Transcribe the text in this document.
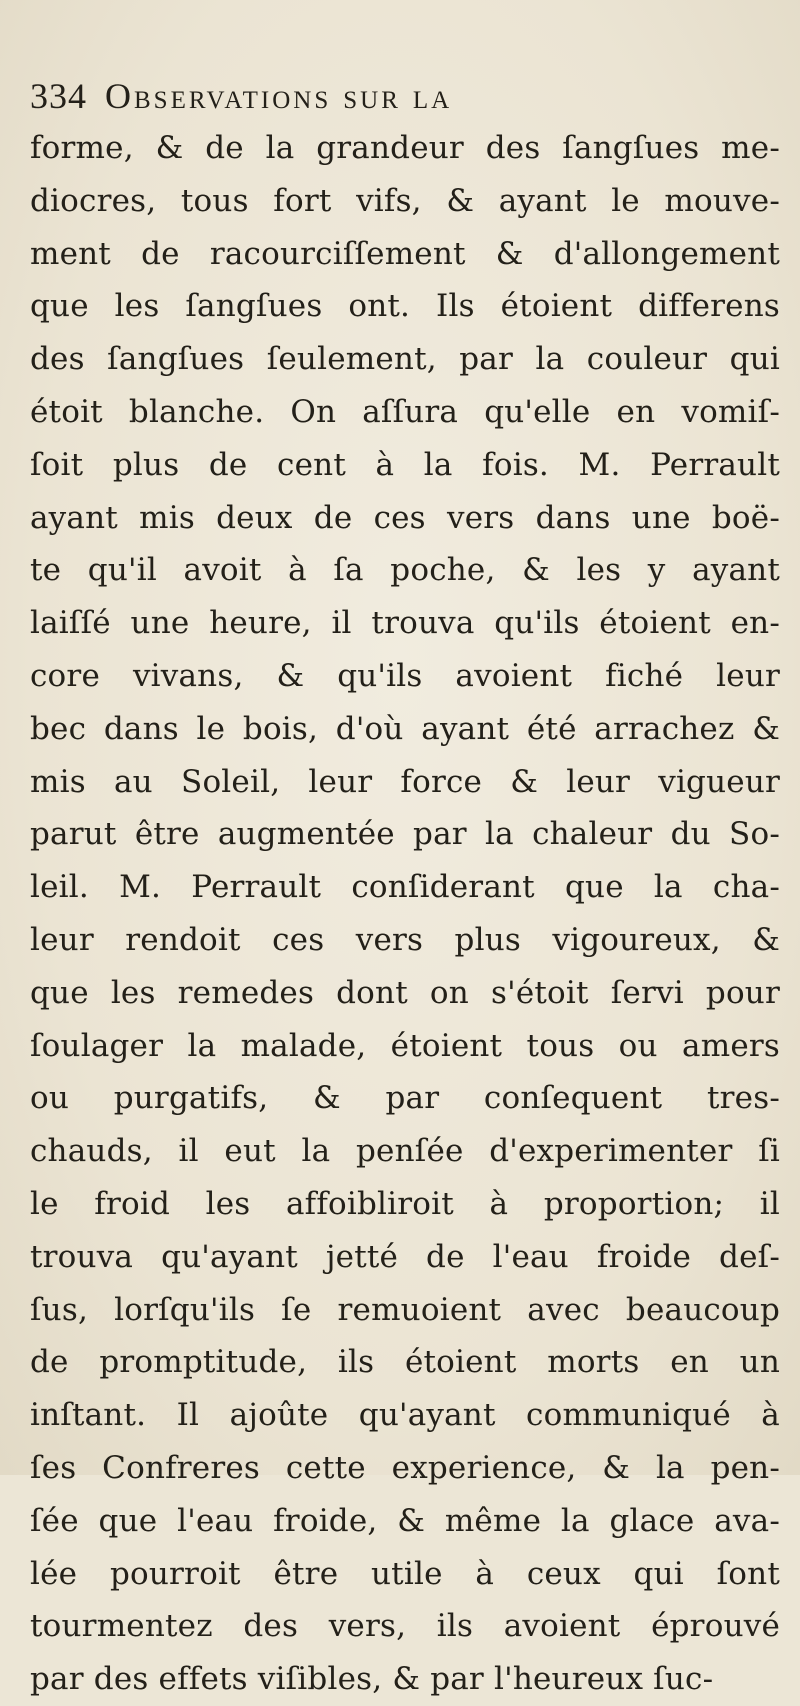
334 Observations sur la
forme, & de la grandeur des ſangſues me-
diocres, tous fort vifs, & ayant le mouve-
ment de racourciſſement & d'allongement
que les ſangſues ont. Ils étoient differens
des ſangſues ſeulement, par la couleur qui
étoit blanche. On aſſura qu'elle en vomiſ-
ſoit plus de cent à la fois. M. Perrault
ayant mis deux de ces vers dans une boë-
te qu'il avoit à ſa poche, & les y ayant
laiſſé une heure, il trouva qu'ils étoient en-
core vivans, & qu'ils avoient fiché leur
bec dans le bois, d'où ayant été arrachez &
mis au Soleil, leur force & leur vigueur
parut être augmentée par la chaleur du So-
leil. M. Perrault conſiderant que la cha-
leur rendoit ces vers plus vigoureux, &
que les remedes dont on s'étoit ſervi pour
ſoulager la malade, étoient tous ou amers
ou purgatifs, & par conſequent tres-
chauds, il eut la penſée d'experimenter ſi
le froid les affoibliroit à proportion; il
trouva qu'ayant jetté de l'eau froide deſ-
ſus, lorſqu'ils ſe remuoient avec beaucoup
de promptitude, ils étoient morts en un
inſtant. Il ajoûte qu'ayant communiqué à
ſes Confreres cette experience, & la pen-
ſée que l'eau froide, & même la glace ava-
lée pourroit être utile à ceux qui ſont
tourmentez des vers, ils avoient éprouvé
par des effets viſibles, & par l'heureux ſuc-
